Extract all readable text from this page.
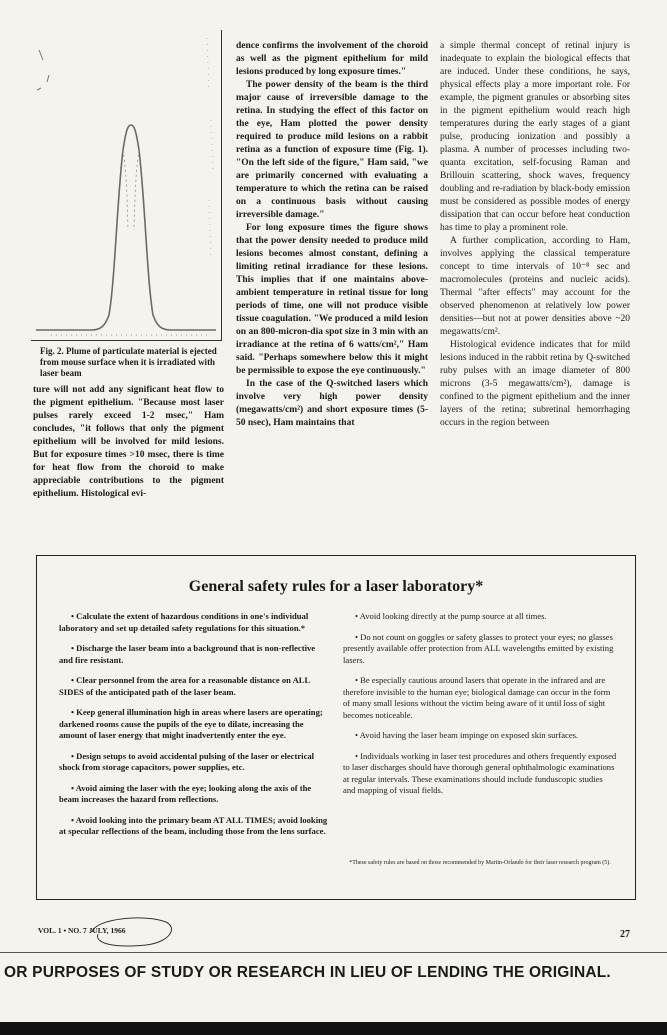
Fig. 2. Plume of particulate material is ejected from mouse surface when it is irradiated with laser beam

ture will not add any significant heat flow to the pigment epithelium. "Because most laser pulses rarely exceed 1-2 msec," Ham concludes, "it follows that only the pigment epithelium will be involved for mild lesions. But for exposure times >10 msec, there is time for heat flow from the choroid to make appreciable contributions to the pigment epithelium. Histological evi-

dence confirms the involvement of the choroid as well as the pigment epithelium for mild lesions produced by long exposure times."

The power density of the beam is the third major cause of irreversible damage to the retina. In studying the effect of this factor on the eye, Ham plotted the power density required to produce mild lesions on a rabbit retina as a function of exposure time (Fig. 1). "On the left side of the figure," Ham said, "we are primarily concerned with evaluating a temperature to which the retina can be raised on a continuous basis without causing irreversible damage."

For long exposure times the figure shows that the power density needed to produce mild lesions becomes almost constant, defining a limiting retinal irradiance for these lesions. This implies that if one maintains above-ambient temperature in retinal tissue for long periods of time, one will not produce visible tissue coagulation. "We produced a mild lesion on an 800-micron-dia spot size in 3 min with an irradiance at the retina of 6 watts/cm²," Ham said. "Perhaps somewhere below this it might be permissible to expose the eye continuously."

In the case of the Q-switched lasers which involve very high power density (megawatts/cm²) and short exposure times (5-50 nsec), Ham maintains that

a simple thermal concept of retinal injury is inadequate to explain the biological effects that are induced. Under these conditions, he says, physical effects play a more important role. For example, the pigment granules or absorbing sites in the pigment epithelium would reach high temperatures during the early stages of a giant pulse, producing ionization and possibly a plasma. A number of processes including two-quanta excitation, self-focusing Raman and Brillouin scattering, shock waves, frequency doubling and re-radiation by black-body emission must be considered as possible modes of energy dissipation that can occur before heat conduction has time to play a prominent role.

A further complication, according to Ham, involves applying the classical temperature concept to time intervals of 10⁻⁸ sec and macromolecules (proteins and nucleic acids). Thermal "after effects" may account for the observed phenomenon at relatively low power densities—but not at power densities above ~20 megawatts/cm².

Histological evidence indicates that for mild lesions induced in the rabbit retina by Q-switched ruby pulses with an image diameter of 800 microns (3-5 megawatts/cm²), damage is confined to the pigment epithelium and the inner layers of the retina; subretinal hemorrhaging occurs in the region between

General safety rules for a laser laboratory*

• Calculate the extent of hazardous conditions in one's individual laboratory and set up detailed safety regulations for this situation.*

• Discharge the laser beam into a background that is non-reflective and fire resistant.

• Clear personnel from the area for a reasonable distance on ALL SIDES of the anticipated path of the laser beam.

• Keep general illumination high in areas where lasers are operating; darkened rooms cause the pupils of the eye to dilate, increasing the amount of laser energy that might inadvertently enter the eye.

• Design setups to avoid accidental pulsing of the laser or electrical shock from storage capacitors, power supplies, etc.

• Avoid aiming the laser with the eye; looking along the axis of the beam increases the hazard from reflections.

• Avoid looking into the primary beam AT ALL TIMES; avoid looking at specular reflections of the beam, including those from the lens surface.

• Avoid looking directly at the pump source at all times.

• Do not count on goggles or safety glasses to protect your eyes; no glasses presently available offer protection from ALL wavelengths emitted by existing lasers.

• Be especially cautious around lasers that operate in the infrared and are therefore invisible to the human eye; biological damage can occur in the form of many small lesions without the victim being aware of it until loss of sight becomes noticeable.

• Avoid having the laser beam impinge on exposed skin surfaces.

• Individuals working in laser test procedures and others frequently exposed to laser discharges should have thorough general ophthalmologic examinations at regular intervals. These examinations should include funduscopic studies and mapping of visual fields.

*These safety rules are based on those recommended by Martin-Orlando for their laser research program (5).
VOL. 1 • NO. 7 JULY, 1966	27
OR PURPOSES OF STUDY OR RESEARCH IN LIEU OF LENDING THE ORIGINAL.
